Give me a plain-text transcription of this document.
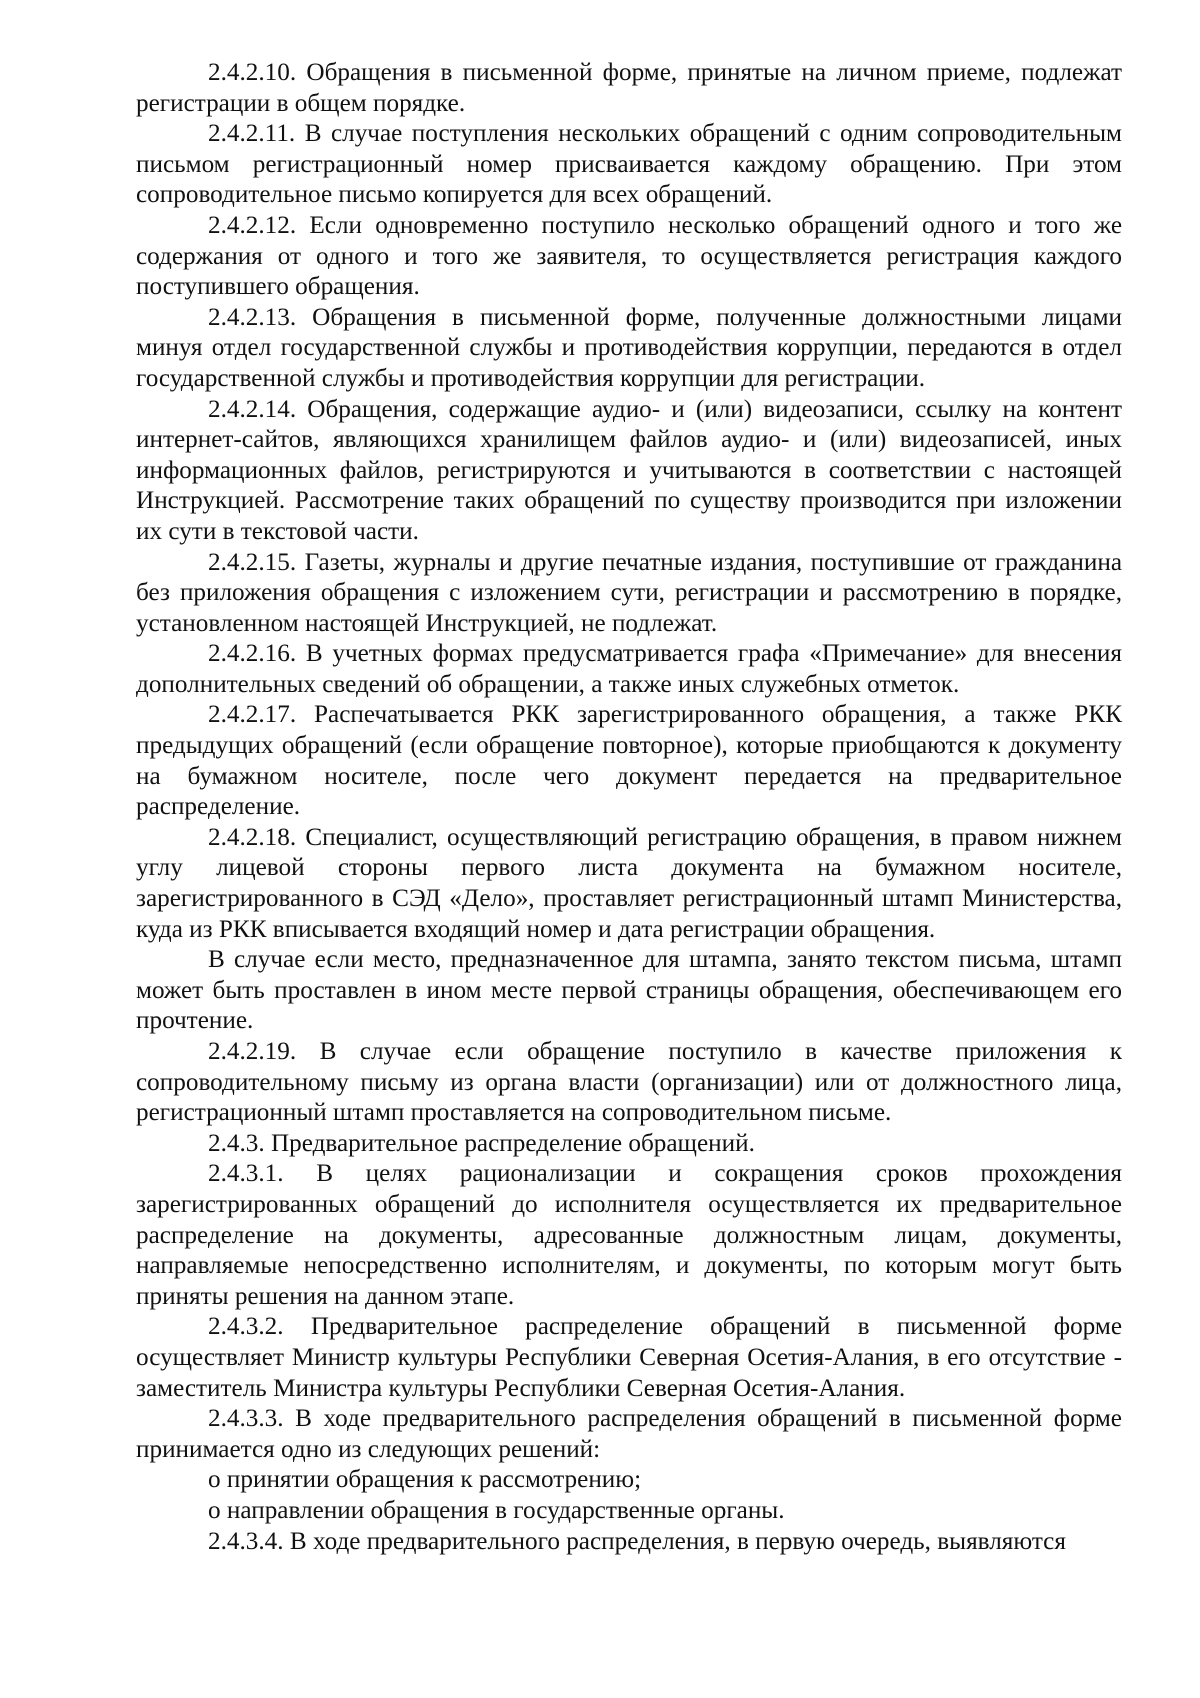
2.4.2.10. Обращения в письменной форме, принятые на личном приеме, подлежат регистрации в общем порядке.

2.4.2.11. В случае поступления нескольких обращений с одним сопроводительным письмом регистрационный номер присваивается каждому обращению. При этом сопроводительное письмо копируется для всех обращений.

2.4.2.12. Если одновременно поступило несколько обращений одного и того же содержания от одного и того же заявителя, то осуществляется регистрация каждого поступившего обращения.

2.4.2.13. Обращения в письменной форме, полученные должностными лицами минуя отдел государственной службы и противодействия коррупции, передаются в отдел государственной службы и противодействия коррупции для регистрации.

2.4.2.14. Обращения, содержащие аудио- и (или) видеозаписи, ссылку на контент интернет-сайтов, являющихся хранилищем файлов аудио- и (или) видеозаписей, иных информационных файлов, регистрируются и учитываются в соответствии с настоящей Инструкцией. Рассмотрение таких обращений по существу производится при изложении их сути в текстовой части.

2.4.2.15. Газеты, журналы и другие печатные издания, поступившие от гражданина без приложения обращения с изложением сути, регистрации и рассмотрению в порядке, установленном настоящей Инструкцией, не подлежат.

2.4.2.16. В учетных формах предусматривается графа «Примечание» для внесения дополнительных сведений об обращении, а также иных служебных отметок.

2.4.2.17. Распечатывается РКК зарегистрированного обращения, а также РКК предыдущих обращений (если обращение повторное), которые приобщаются к документу на бумажном носителе, после чего документ передается на предварительное распределение.

2.4.2.18. Специалист, осуществляющий регистрацию обращения, в правом нижнем углу лицевой стороны первого листа документа на бумажном носителе, зарегистрированного в СЭД «Дело», проставляет регистрационный штамп Министерства, куда из РКК вписывается входящий номер и дата регистрации обращения.

В случае если место, предназначенное для штампа, занято текстом письма, штамп может быть проставлен в ином месте первой страницы обращения, обеспечивающем его прочтение.

2.4.2.19. В случае если обращение поступило в качестве приложения к сопроводительному письму из органа власти (организации) или от должностного лица, регистрационный штамп проставляется на сопроводительном письме.

2.4.3. Предварительное распределение обращений.

2.4.3.1. В целях рационализации и сокращения сроков прохождения зарегистрированных обращений до исполнителя осуществляется их предварительное распределение на документы, адресованные должностным лицам, документы, направляемые непосредственно исполнителям, и документы, по которым могут быть приняты решения на данном этапе.

2.4.3.2. Предварительное распределение обращений в письменной форме осуществляет Министр культуры Республики Северная Осетия-Алания, в его отсутствие - заместитель Министра культуры Республики Северная Осетия-Алания.

2.4.3.3. В ходе предварительного распределения обращений в письменной форме принимается одно из следующих решений:

о принятии обращения к рассмотрению;

о направлении обращения в государственные органы.

2.4.3.4. В ходе предварительного распределения, в первую очередь, выявляются
